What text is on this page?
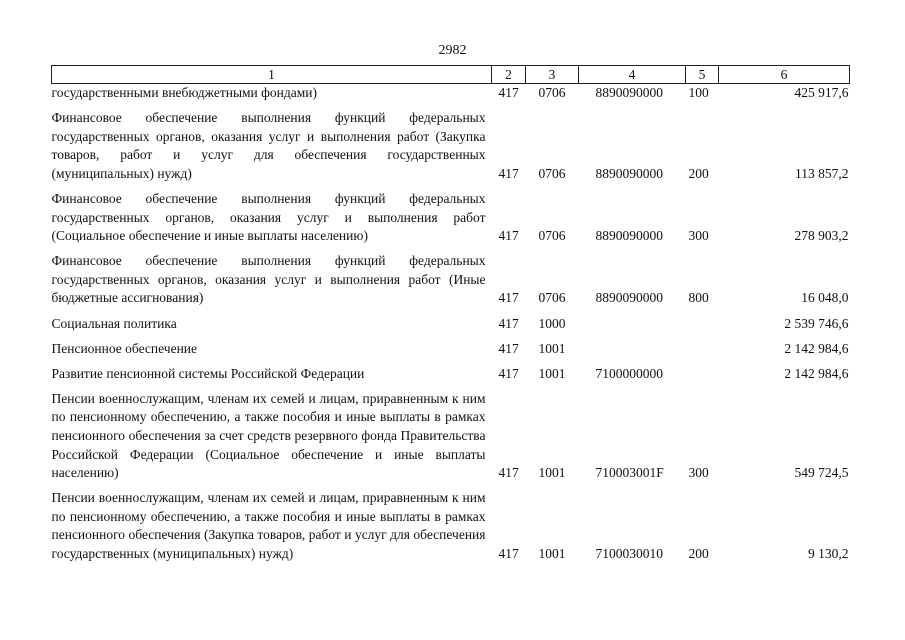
2982
1	2	3	4	5	6
государственными внебюджетными фондами)	417	0706	8890090000	100	425 917,6
Финансовое обеспечение выполнения функций федеральных государственных органов, оказания услуг и выполнения работ (Закупка товаров, работ и услуг для обеспечения государственных (муниципальных) нужд)	417	0706	8890090000	200	113 857,2
Финансовое обеспечение выполнения функций федеральных государственных органов, оказания услуг и выполнения работ (Социальное обеспечение и иные выплаты населению)	417	0706	8890090000	300	278 903,2
Финансовое обеспечение выполнения функций федеральных государственных органов, оказания услуг и выполнения работ (Иные бюджетные ассигнования)	417	0706	8890090000	800	16 048,0
Социальная политика	417	1000			2 539 746,6
Пенсионное обеспечение	417	1001			2 142 984,6
Развитие пенсионной системы Российской Федерации	417	1001	7100000000		2 142 984,6
Пенсии военнослужащим, членам их семей и лицам, приравненным к ним по пенсионному обеспечению, а также пособия и иные выплаты в рамках пенсионного обеспечения за счет средств резервного фонда Правительства Российской Федерации (Социальное обеспечение и иные выплаты населению)	417	1001	710003001F	300	549 724,5
Пенсии военнослужащим, членам их семей и лицам, приравненным к ним по пенсионному обеспечению, а также пособия и иные выплаты в рамках пенсионного обеспечения (Закупка товаров, работ и услуг для обеспечения государственных (муниципальных) нужд)	417	1001	7100030010	200	9 130,2
